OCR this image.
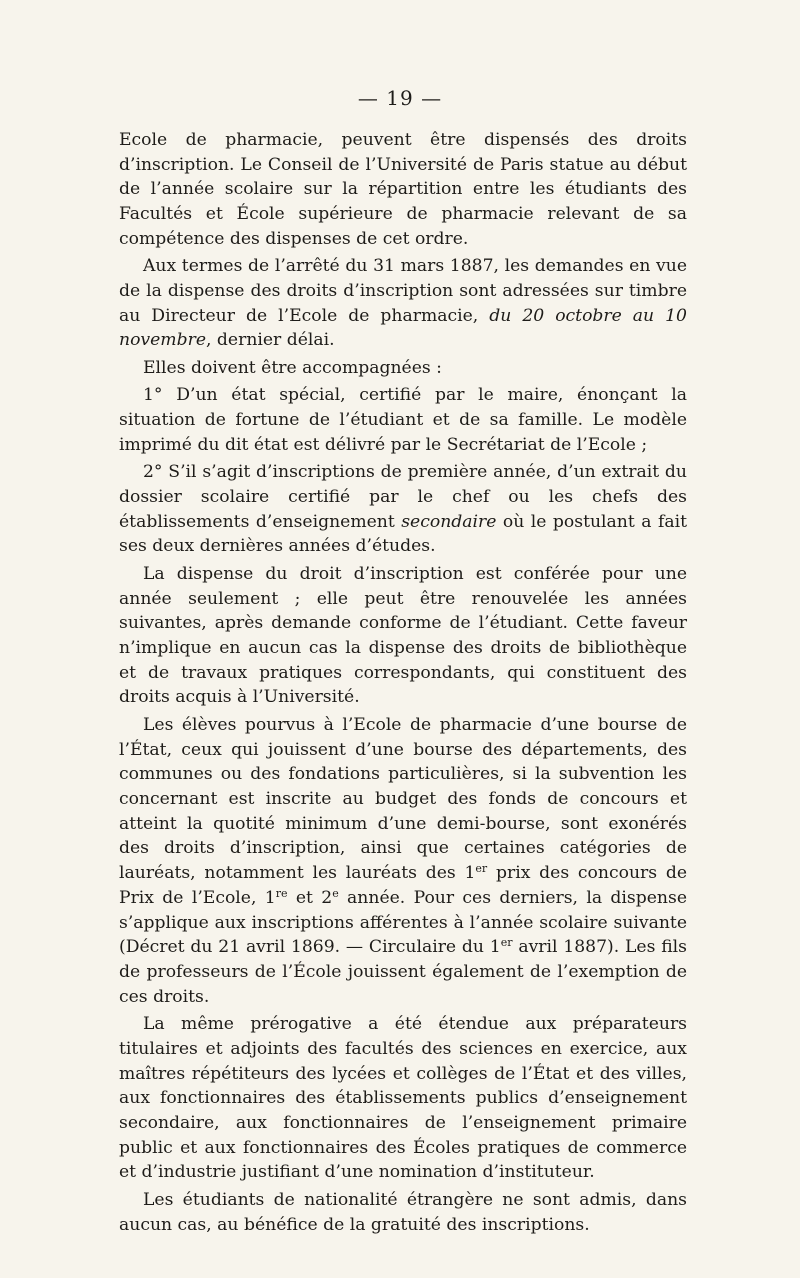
— 19 —

Ecole de pharmacie, peuvent être dispensés des droits d’inscription. Le Conseil de l’Université de Paris statue au début de l’année scolaire sur la répartition entre les étudiants des Facultés et École supérieure de pharmacie relevant de sa compétence des dispenses de cet ordre.

Aux termes de l’arrêté du 31 mars 1887, les demandes en vue de la dispense des droits d’inscription sont adressées sur timbre au Directeur de l’Ecole de pharmacie, du 20 octobre au 10 novembre, dernier délai.

Elles doivent être accompagnées :

1° D’un état spécial, certifié par le maire, énonçant la situation de fortune de l’étudiant et de sa famille. Le modèle imprimé du dit état est délivré par le Secrétariat de l’Ecole ;

2° S’il s’agit d’inscriptions de première année, d’un extrait du dossier scolaire certifié par le chef ou les chefs des établissements d’enseignement secondaire où le postulant a fait ses deux dernières années d’études.

La dispense du droit d’inscription est conférée pour une année seulement ; elle peut être renouvelée les années suivantes, après demande conforme de l’étudiant. Cette faveur n’implique en aucun cas la dispense des droits de bibliothèque et de travaux pratiques correspondants, qui constituent des droits acquis à l’Université.

Les élèves pourvus à l’Ecole de pharmacie d’une bourse de l’État, ceux qui jouissent d’une bourse des départements, des communes ou des fondations particulières, si la subvention les concernant est inscrite au budget des fonds de concours et atteint la quotité minimum d’une demi-bourse, sont exonérés des droits d’inscription, ainsi que certaines catégories de lauréats, notamment les lauréats des 1er prix des concours de Prix de l’Ecole, 1re et 2e année. Pour ces derniers, la dispense s’applique aux inscriptions afférentes à l’année scolaire suivante (Décret du 21 avril 1869. — Circulaire du 1er avril 1887). Les fils de professeurs de l’École jouissent également de l’exemption de ces droits.

La même prérogative a été étendue aux préparateurs titulaires et adjoints des facultés des sciences en exercice, aux maîtres répétiteurs des lycées et collèges de l’État et des villes, aux fonctionnaires des établissements publics d’enseignement secondaire, aux fonctionnaires de l’enseignement primaire public et aux fonctionnaires des Écoles pratiques de commerce et d’industrie justifiant d’une nomination d’instituteur.

Les étudiants de nationalité étrangère ne sont admis, dans aucun cas, au bénéfice de la gratuité des inscriptions.
